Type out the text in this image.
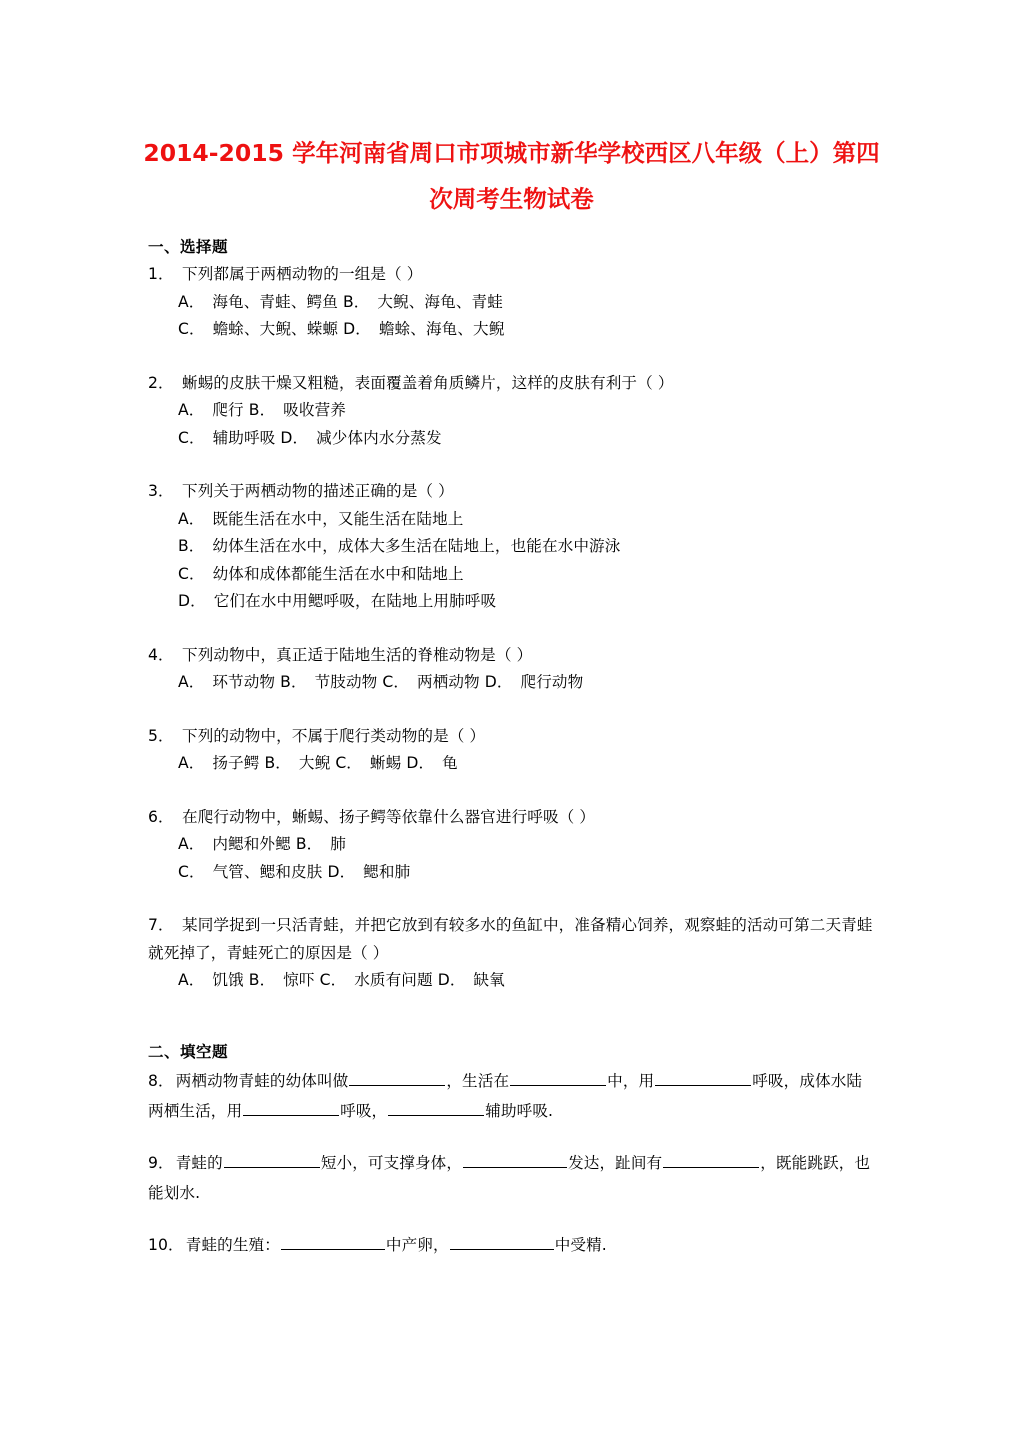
2014-2015 学年河南省周口市项城市新华学校西区八年级（上）第四
次周考生物试卷
一、选择题

1． 下列都属于两栖动物的一组是（ ）

A．　海龟、青蛙、鳄鱼 B．　大鲵、海龟、青蛙
C．　蟾蜍、大鲵、蝾螈 D．　蟾蜍、海龟、大鲵

2． 蜥蜴的皮肤干燥又粗糙，表面覆盖着角质鳞片，这样的皮肤有利于（ ）

A．　爬行 B．　吸收营养
C．　辅助呼吸 D．　减少体内水分蒸发

3． 下列关于两栖动物的描述正确的是（ ）

A．　既能生活在水中，又能生活在陆地上
B．　幼体生活在水中，成体大多生活在陆地上，也能在水中游泳
C．　幼体和成体都能生活在水中和陆地上
D．　它们在水中用鳃呼吸，在陆地上用肺呼吸

4． 下列动物中，真正适于陆地生活的脊椎动物是（ ）

A．　环节动物 B．　节肢动物 C．　两栖动物 D．　爬行动物

5． 下列的动物中，不属于爬行类动物的是（ ）

A．　扬子鳄 B．　大鲵 C．　蜥蜴 D．　龟

6． 在爬行动物中，蜥蜴、扬子鳄等依靠什么器官进行呼吸（ ）

A．　内鳃和外鳃 B．　肺
C．　气管、鳃和皮肤 D．　鳃和肺

7． 某同学捉到一只活青蛙，并把它放到有较多水的鱼缸中，准备精心饲养，观察蛙的活动可第二天青蛙就死掉了，青蛙死亡的原因是（ ）

A．　饥饿 B．　惊吓 C．　水质有问题 D．　缺氧
二、填空题

8． 两栖动物青蛙的幼体叫做	，生活在	中，用	呼吸，成体水陆两栖生活，用	呼吸，	辅助呼吸.

9． 青蛙的	短小，可支撑身体，	发达，趾间有	，既能跳跃，也能划水.

10． 青蛙的生殖：	中产卵，	中受精.
